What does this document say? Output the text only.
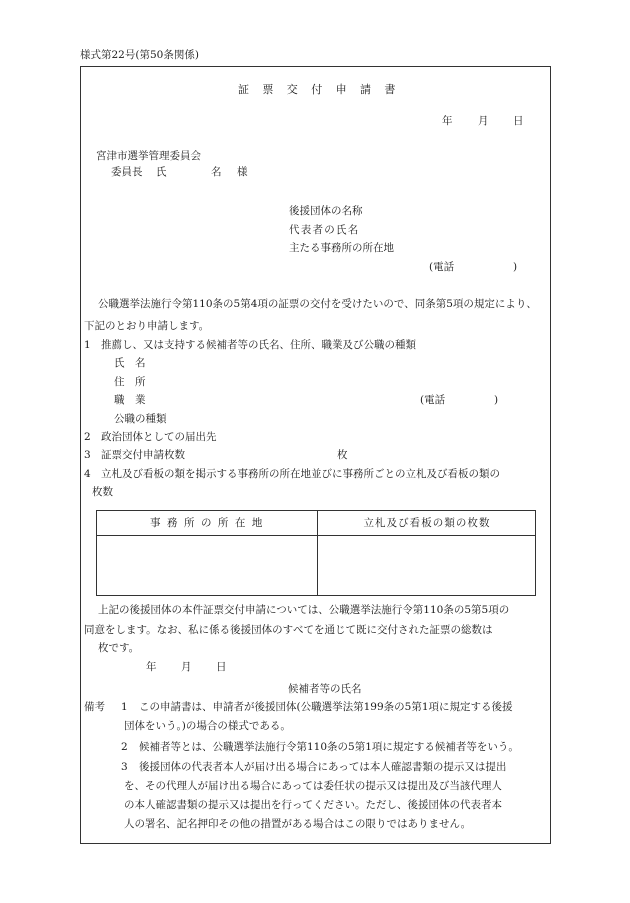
様式第22号(第50条関係)
証 票 交 付 申 請 書
年 月 日
宮津市選挙管理委員会
委員長 氏	名 様
後援団体の名称
代表者の氏名
主たる事務所の所在地
(電話	)
公職選挙法施行令第110条の5第4項の証票の交付を受けたいので、同条第5項の規定により、下記のとおり申請します。
1 推薦し、又は支持する候補者等の氏名、住所、職業及び公職の種類
氏　名
住　所
職　業	(電話	)
公職の種類
2 政治団体としての届出先
3 証票交付申請枚数	枚
4 立札及び看板の類を掲示する事務所の所在地並びに事務所ごとの立札及び看板の類の
枚数
事 務 所 の 所 在 地	立札及び看板の類の枚数
上記の後援団体の本件証票交付申請については、公職選挙法施行令第110条の5第5項の
同意をします。なお、私に係る後援団体のすべてを通じて既に交付された証票の総数は
枚です。
年 月 日
候補者等の氏名
備考 1 この申請書は、申請者が後援団体(公職選挙法第199条の5第1項に規定する後援
団体をいう。)の場合の様式である。
2 候補者等とは、公職選挙法施行令第110条の5第1項に規定する候補者等をいう。
3 後援団体の代表者本人が届け出る場合にあっては本人確認書類の提示又は提出
を、その代理人が届け出る場合にあっては委任状の提示又は提出及び当該代理人
の本人確認書類の提示又は提出を行ってください。ただし、後援団体の代表者本
人の署名、記名押印その他の措置がある場合はこの限りではありません。
